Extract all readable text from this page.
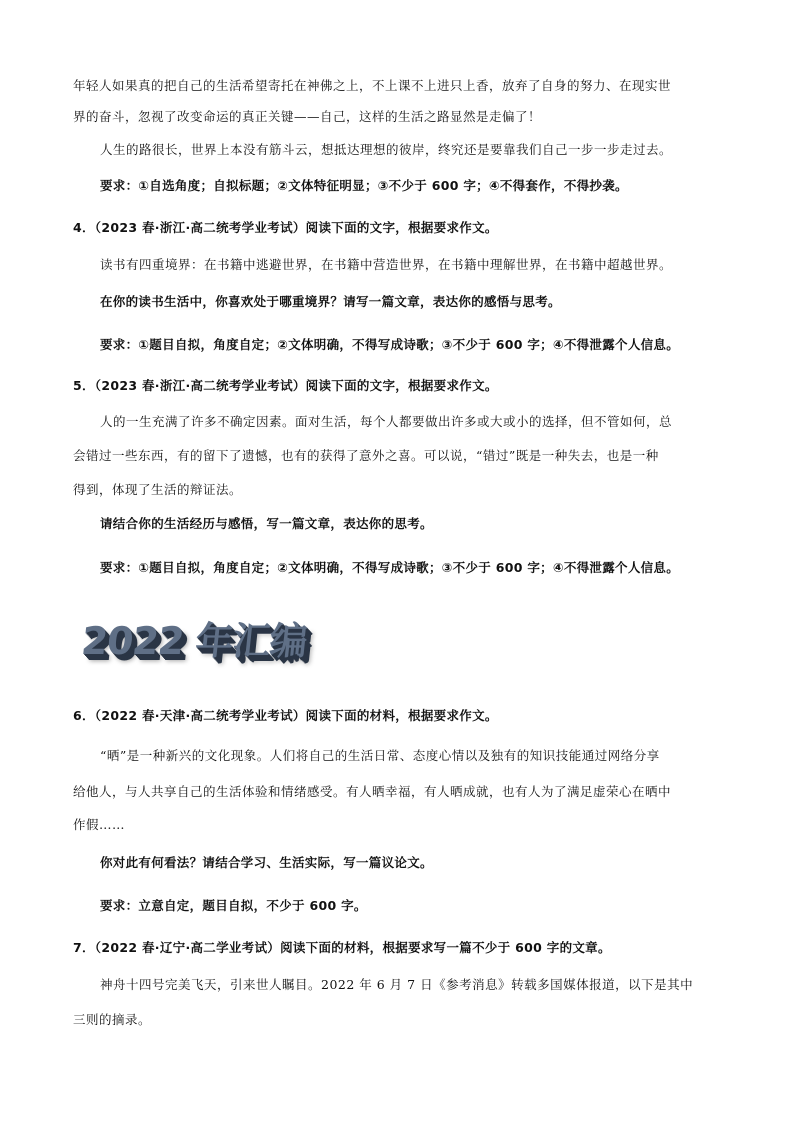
年轻人如果真的把自己的生活希望寄托在神佛之上，不上课不上进只上香，放弃了自身的努力、在现实世
界的奋斗，忽视了改变命运的真正关键——自己，这样的生活之路显然是走偏了！
人生的路很长，世界上本没有筋斗云，想抵达理想的彼岸，终究还是要靠我们自己一步一步走过去。
要求：①自选角度；自拟标题；②文体特征明显；③不少于 600 字；④不得套作，不得抄袭。
4．（2023 春·浙江·高二统考学业考试）阅读下面的文字，根据要求作文。
读书有四重境界：在书籍中逃避世界，在书籍中营造世界，在书籍中理解世界，在书籍中超越世界。
在你的读书生活中，你喜欢处于哪重境界？请写一篇文章，表达你的感悟与思考。
要求：①题目自拟，角度自定；②文体明确，不得写成诗歌；③不少于 600 字；④不得泄露个人信息。
5．（2023 春·浙江·高二统考学业考试）阅读下面的文字，根据要求作文。
人的一生充满了许多不确定因素。面对生活，每个人都要做出许多或大或小的选择，但不管如何，总
会错过一些东西，有的留下了遗憾，也有的获得了意外之喜。可以说，“错过”既是一种失去，也是一种
得到，体现了生活的辩证法。
请结合你的生活经历与感悟，写一篇文章，表达你的思考。
要求：①题目自拟，角度自定；②文体明确，不得写成诗歌；③不少于 600 字；④不得泄露个人信息。
2022 年汇编
6．（2022 春·天津·高二统考学业考试）阅读下面的材料，根据要求作文。
“晒”是一种新兴的文化现象。人们将自己的生活日常、态度心情以及独有的知识技能通过网络分享
给他人，与人共享自己的生活体验和情绪感受。有人晒幸福，有人晒成就，也有人为了满足虚荣心在晒中
作假……
你对此有何看法？请结合学习、生活实际，写一篇议论文。
要求：立意自定，题目自拟，不少于 600 字。
7．（2022 春·辽宁·高二学业考试）阅读下面的材料，根据要求写一篇不少于 600 字的文章。
神舟十四号完美飞天，引来世人瞩目。2022 年 6 月 7 日《参考消息》转载多国媒体报道，以下是其中
三则的摘录。
